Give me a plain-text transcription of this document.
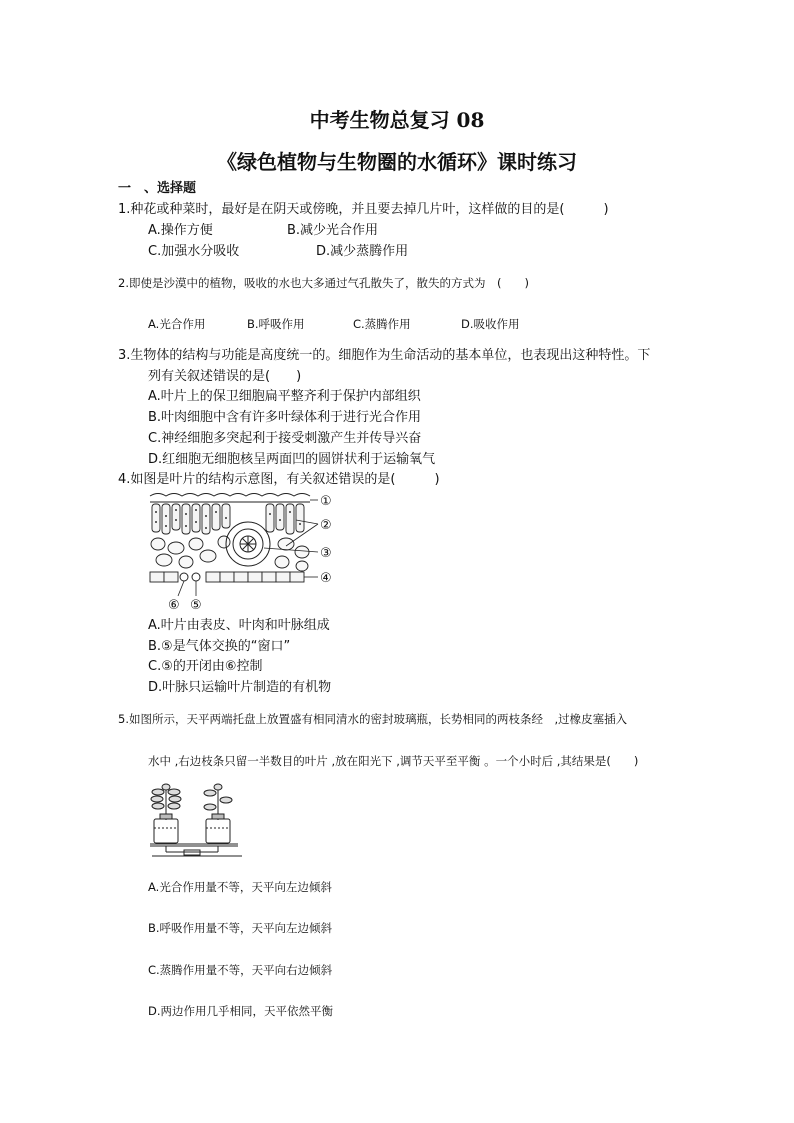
中考生物总复习 08
《绿色植物与生物圈的水循环》课时练习
一　、选择题
1.种花或种菜时，最好是在阴天或傍晚，并且要去掉几片叶，这样做的目的是(　　　)
A.操作方便	B.减少光合作用
C.加强水分吸收	D.减少蒸腾作用
2.即使是沙漠中的植物，吸收的水也大多通过气孔散失了，散失的方式为　(　　)
A.光合作用	B.呼吸作用	C.蒸腾作用	D.吸收作用
3.生物体的结构与功能是高度统一的。细胞作为生命活动的基本单位，也表现出这种特性。下
列有关叙述错误的是(　　)
A.叶片上的保卫细胞扁平整齐利于保护内部组织
B.叶肉细胞中含有许多叶绿体利于进行光合作用
C.神经细胞多突起利于接受刺激产生并传导兴奋
D.红细胞无细胞核呈两面凹的圆饼状利于运输氧气
4.如图是叶片的结构示意图，有关叙述错误的是(　　　)
①
②
③
④
⑥ ⑤
A.叶片由表皮、叶肉和叶脉组成
B.⑤是气体交换的“窗口”
C.⑤的开闭由⑥控制
D.叶脉只运输叶片制造的有机物
5.如图所示，天平两端托盘上放置盛有相同清水的密封玻璃瓶，长势相同的两枝条经　,过橡皮塞插入
水中 ,右边枝条只留一半数目的叶片 ,放在阳光下 ,调节天平至平衡 。一个小时后 ,其结果是(　　)
A.光合作用量不等，天平向左边倾斜
B.呼吸作用量不等，天平向左边倾斜
C.蒸腾作用量不等，天平向右边倾斜
D.两边作用几乎相同，天平依然平衡
